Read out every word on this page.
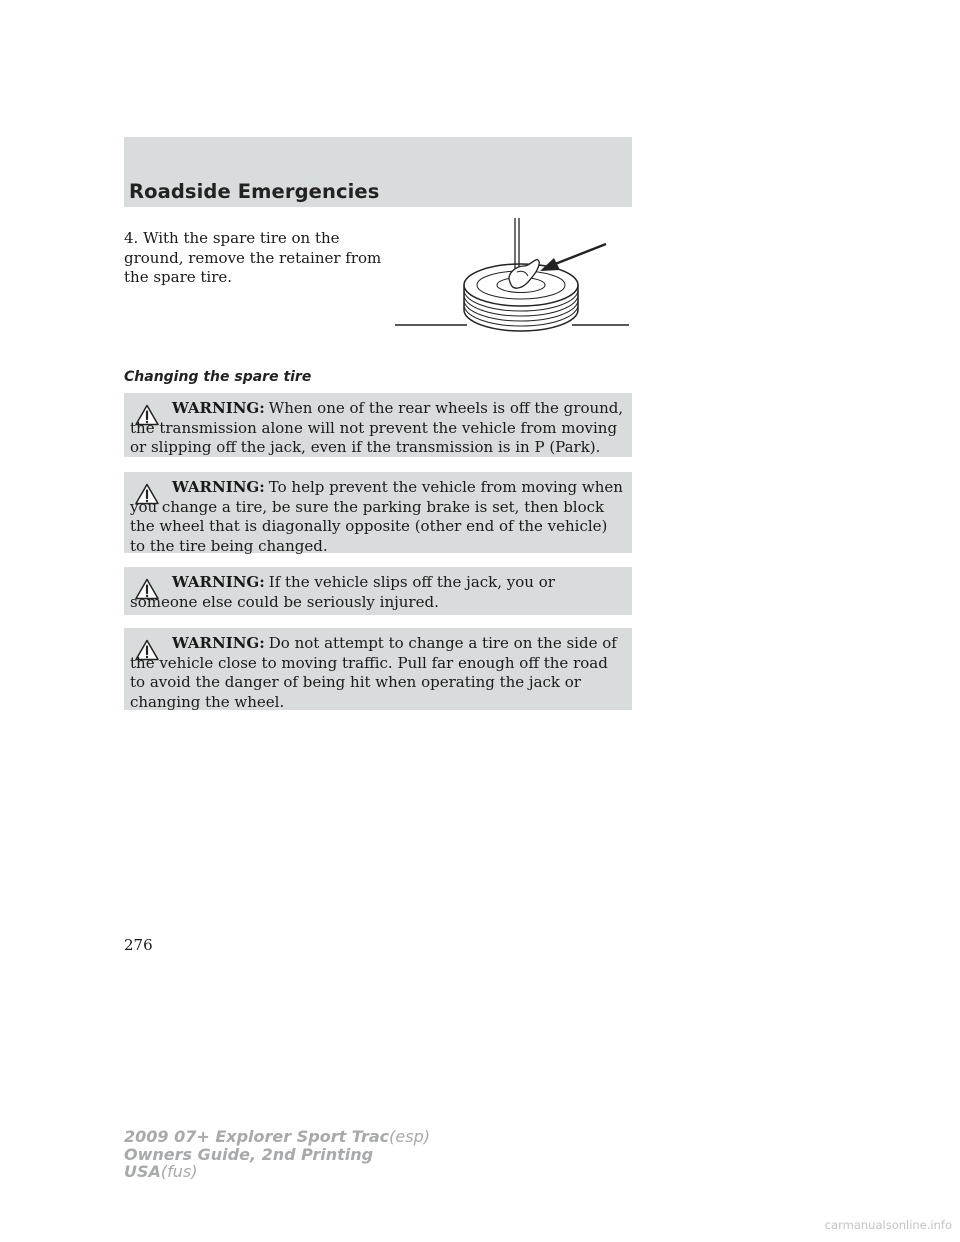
Roadside Emergencies
4. With the spare tire on the ground, remove the retainer from the spare tire.
Changing the spare tire
WARNING: When one of the rear wheels is off the ground, the transmission alone will not prevent the vehicle from moving or slipping off the jack, even if the transmission is in P (Park).
WARNING: To help prevent the vehicle from moving when you change a tire, be sure the parking brake is set, then block the wheel that is diagonally opposite (other end of the vehicle) to the tire being changed.
WARNING: If the vehicle slips off the jack, you or someone else could be seriously injured.
WARNING: Do not attempt to change a tire on the side of the vehicle close to moving traffic. Pull far enough off the road to avoid the danger of being hit when operating the jack or changing the wheel.
276
2009 07+ Explorer Sport Trac(esp)
Owners Guide, 2nd Printing
USA(fus)
carmanualsonline.info
